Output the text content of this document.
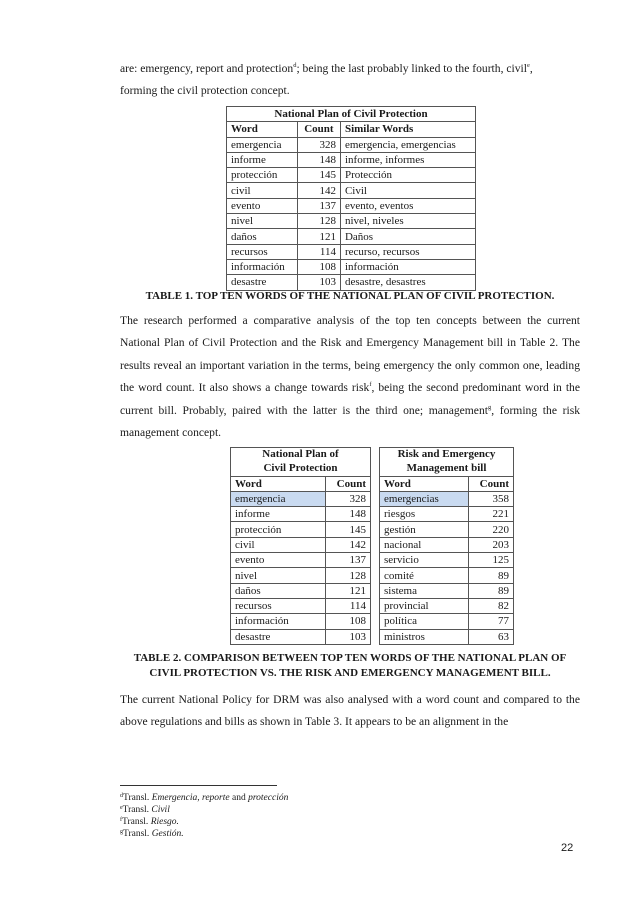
are: emergency, report and protection$^d$; being the last probably linked to the fourth, civil$^e$,
forming the civil protection concept.

National Plan of Civil Protection		
Word	Count	Similar Words
emergencia	328	emergencia, emergencias
informe	148	informe, informes
protección	145	Protección
civil	142	Civil
evento	137	evento, eventos
nivel	128	nivel, niveles
daños	121	Daños
recursos	114	recurso, recursos
información	108	información
desastre	103	desastre, desastres

TABLE 1. TOP TEN WORDS OF THE NATIONAL PLAN OF CIVIL PROTECTION.

The research performed a comparative analysis of the top ten concepts between the current National Plan of Civil Protection and the Risk and Emergency Management bill in Table 2. The results reveal an important variation in the terms, being emergency the only common one, leading the word count. It also shows a change towards risk$^f$, being the second predominant word in the current bill. Probably, paired with the latter is the third one; management$^g$, forming the risk management concept.

National Plan of			Risk and Emergency	
Civil Protection			Management bill	
Word	Count		Word	Count
emergencia	328		emergencias	358
informe	148		riesgos	221
protección	145		gestión	220
civil	142		nacional	203
evento	137		servicio	125
nivel	128		comité	89
daños	121		sistema	89
recursos	114		provincial	82
información	108		política	77
desastre	103		ministros	63

TABLE 2. COMPARISON BETWEEN TOP TEN WORDS OF THE NATIONAL PLAN OF
CIVIL PROTECTION VS. THE RISK AND EMERGENCY MANAGEMENT BILL.

The current National Policy for DRM was also analysed with a word count and compared to the above regulations and bills as shown in Table 3. It appears to be an alignment in the

$^d$Transl. Emergencia, reporte and protección

$^e$Transl. Civil

$^f$Transl. Riesgo.

$^g$Transl. Gestión.

22
